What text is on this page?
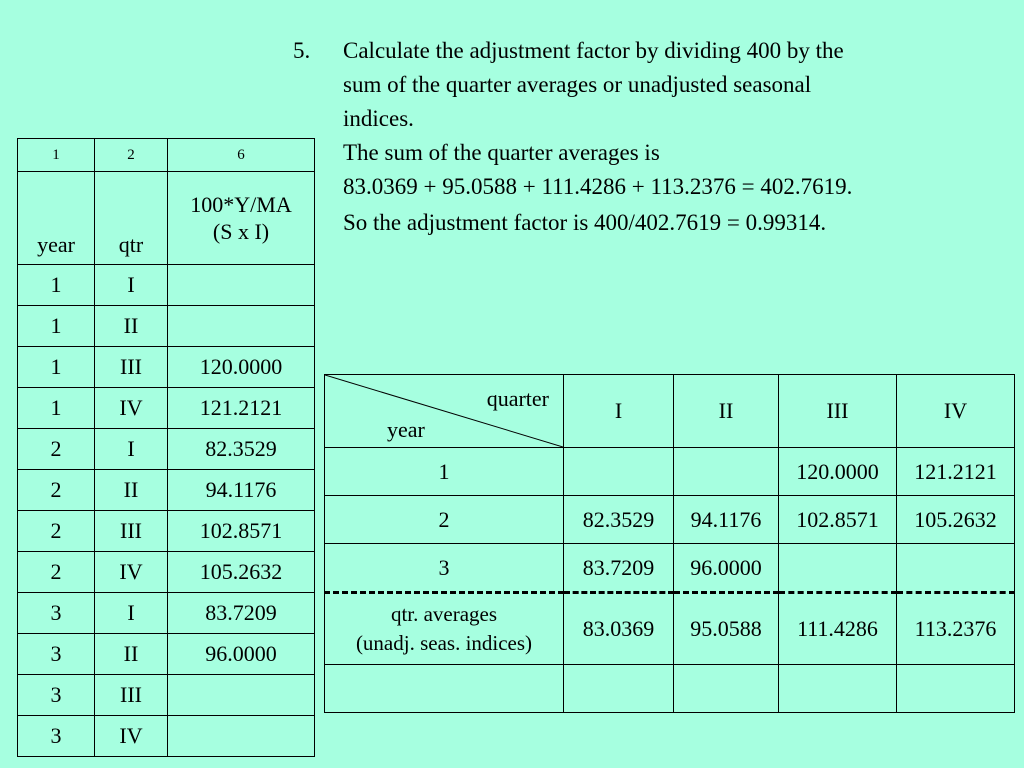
5. Calculate the adjustment factor by dividing 400 by the
sum of the quarter averages or unadjusted seasonal
indices.
The sum of the quarter averages is
83.0369 + 95.0588 + 111.4286 + 113.2376 = 402.7619.
So the adjustment factor is 400/402.7619 = 0.99314.
1	2	6
year	qtr	100*Y/MA
(S x I)

1	I	
1	II	
1	III	120.0000
1	IV	121.2121
2	I	82.3529
2	II	94.1176
2	III	102.8571
2	IV	105.2632
3	I	83.7209
3	II	96.0000
3	III	
3	IV	
quarter
year	I	II	III	IV
1			120.0000	121.2121
2	82.3529	94.1176	102.8571	105.2632
3	83.7209	96.0000		

qtr. averages
(unadj. seas. indices)	83.0369	95.0588	111.4286	113.2376
